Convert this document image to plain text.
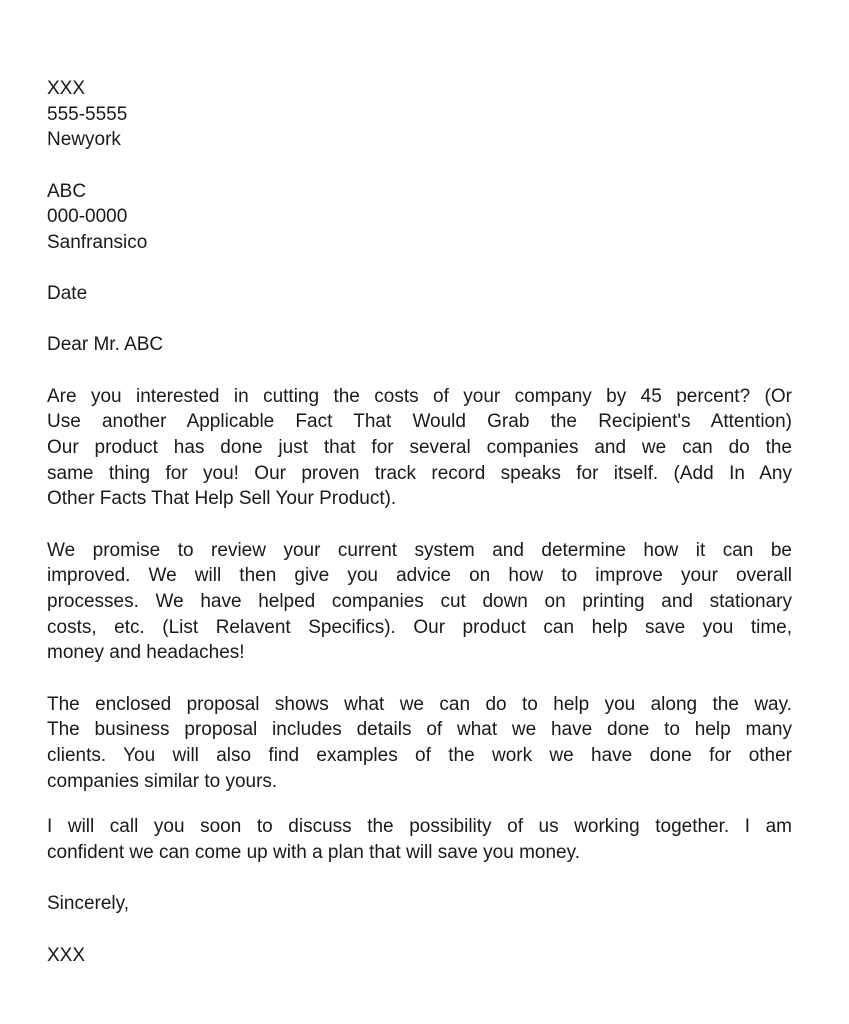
XXX
555-5555
Newyork
ABC
000-0000
Sanfransico
Date
Dear Mr. ABC
Are you interested in cutting the costs of your company by 45 percent? (Or
Use another Applicable Fact That Would Grab the Recipient's Attention)
Our product has done just that for several companies and we can do the
same thing for you! Our proven track record speaks for itself. (Add In Any
Other Facts That Help Sell Your Product).
We promise to review your current system and determine how it can be
improved. We will then give you advice on how to improve your overall
processes. We have helped companies cut down on printing and stationary
costs, etc. (List Relavent Specifics). Our product can help save you time,
money and headaches!
The enclosed proposal shows what we can do to help you along the way.
The business proposal includes details of what we have done to help many
clients. You will also find examples of the work we have done for other
companies similar to yours.
I will call you soon to discuss the possibility of us working together. I am
confident we can come up with a plan that will save you money.
Sincerely,
XXX
